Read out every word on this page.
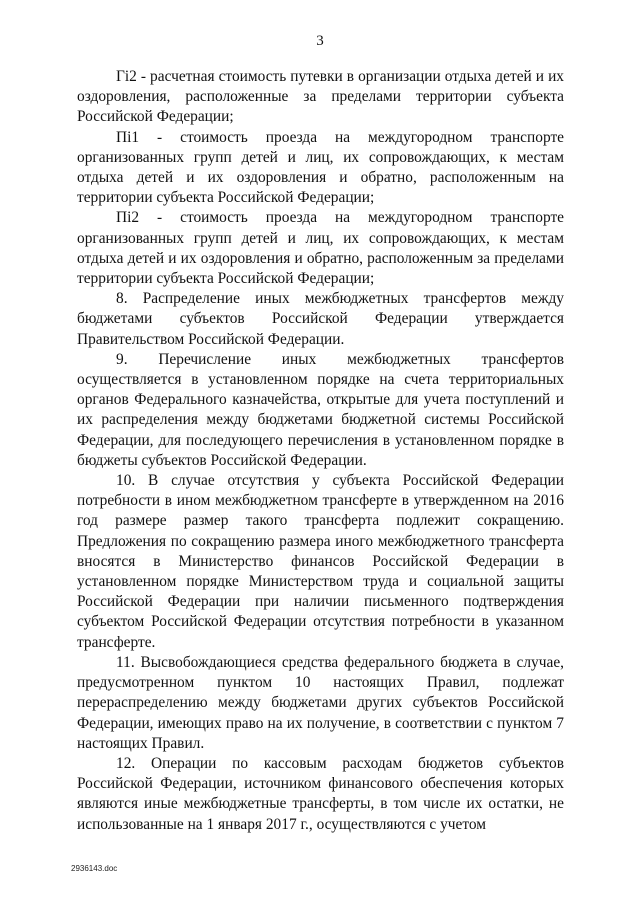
3

Гi2 - расчетная стоимость путевки в организации отдыха детей и их оздоровления, расположенные за пределами территории субъекта Российской Федерации;

Пi1 - стоимость проезда на междугородном транспорте организованных групп детей и лиц, их сопровождающих, к местам отдыха детей и их оздоровления и обратно, расположенным на территории субъекта Российской Федерации;

Пi2 - стоимость проезда на междугородном транспорте организованных групп детей и лиц, их сопровождающих, к местам отдыха детей и их оздоровления и обратно, расположенным за пределами территории субъекта Российской Федерации;

8. Распределение иных межбюджетных трансфертов между бюджетами субъектов Российской Федерации утверждается Правительством Российской Федерации.

9. Перечисление иных межбюджетных трансфертов осуществляется в установленном порядке на счета территориальных органов Федерального казначейства, открытые для учета поступлений и их распределения между бюджетами бюджетной системы Российской Федерации, для последующего перечисления в установленном порядке в бюджеты субъектов Российской Федерации.

10. В случае отсутствия у субъекта Российской Федерации потребности в ином межбюджетном трансферте в утвержденном на 2016 год размере размер такого трансферта подлежит сокращению. Предложения по сокращению размера иного межбюджетного трансферта вносятся в Министерство финансов Российской Федерации в установленном порядке Министерством труда и социальной защиты Российской Федерации при наличии письменного подтверждения субъектом Российской Федерации отсутствия потребности в указанном трансферте.

11. Высвобождающиеся средства федерального бюджета в случае, предусмотренном пунктом 10 настоящих Правил, подлежат перераспределению между бюджетами других субъектов Российской Федерации, имеющих право на их получение, в соответствии с пунктом 7 настоящих Правил.

12. Операции по кассовым расходам бюджетов субъектов Российской Федерации, источником финансового обеспечения которых являются иные межбюджетные трансферты, в том числе их остатки, не использованные на 1 января 2017 г., осуществляются с учетом

2936143.doc
